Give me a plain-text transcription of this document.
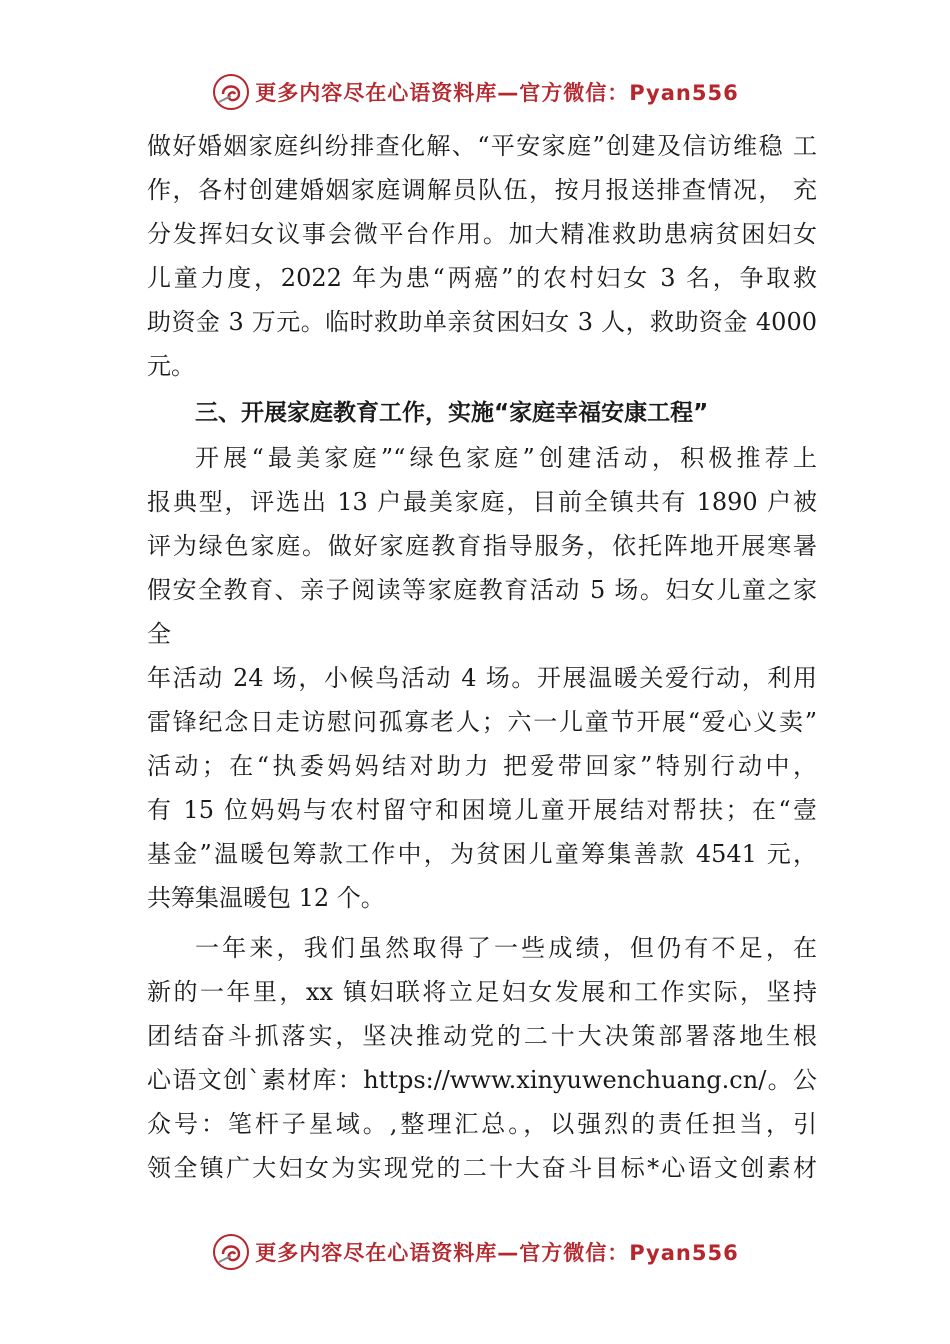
更多内容尽在心语资料库—官方微信：Pyan556
做好婚姻家庭纠纷排查化解、“平安家庭”创建及信访维稳 工
作，各村创建婚姻家庭调解员队伍，按月报送排查情况， 充
分发挥妇女议事会微平台作用。加大精准救助患病贫困妇女
儿童力度，2022 年为患“两癌”的农村妇女 3 名，争取救
助资金 3 万元。临时救助单亲贫困妇女 3 人，救助资金 4000
元。
三、开展家庭教育工作，实施“家庭幸福安康工程”
开展“最美家庭”“绿色家庭”创建活动，积极推荐上
报典型，评选出 13 户最美家庭，目前全镇共有 1890 户被
评为绿色家庭。做好家庭教育指导服务，依托阵地开展寒暑
假安全教育、亲子阅读等家庭教育活动 5 场。妇女儿童之家
全
年活动 24 场，小候鸟活动 4 场。开展温暖关爱行动，利用
雷锋纪念日走访慰问孤寡老人；六一儿童节开展“爱心义卖”
活动；在“执委妈妈结对助力 把爱带回家”特别行动中，
有 15 位妈妈与农村留守和困境儿童开展结对帮扶；在“壹
基金”温暖包筹款工作中，为贫困儿童筹集善款 4541 元，
共筹集温暖包 12 个。
一年来，我们虽然取得了一些成绩，但仍有不足，在
新的一年里，xx 镇妇联将立足妇女发展和工作实际，坚持
团结奋斗抓落实，坚决推动党的二十大决策部署落地生根
心语文创`素材库：https://www.xinyuwenchuang.cn/。公
众号：笔杆子星域。,整理汇总。，以强烈的责任担当，引
领全镇广大妇女为实现党的二十大奋斗目标*心语文创素材
更多内容尽在心语资料库—官方微信：Pyan556
